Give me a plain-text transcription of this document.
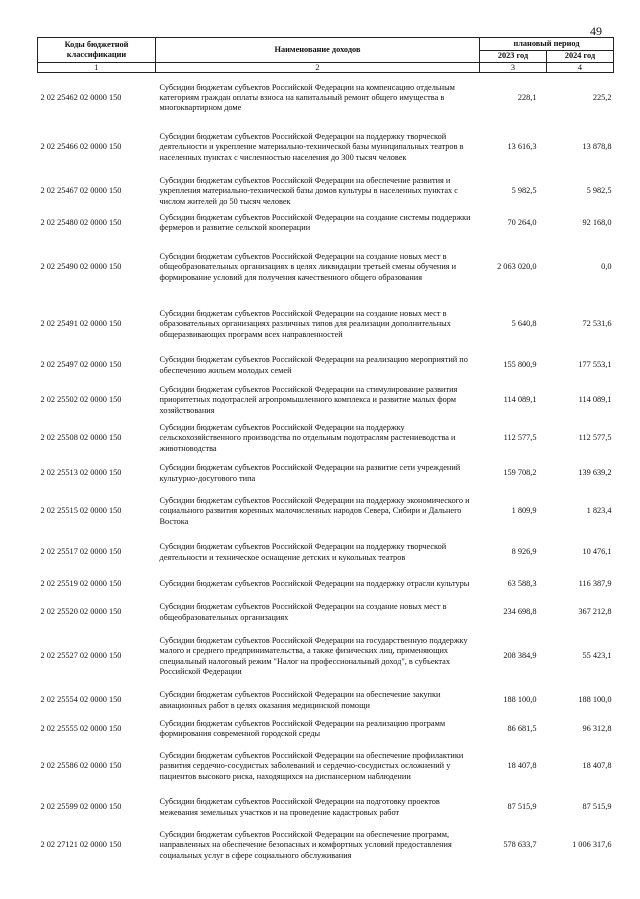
49
Коды бюджетной классификации	Наименование доходов	плановый период	
		2023 год	2024 год
1	2	3	4
2 02 25462 02 0000 150	Субсидии бюджетам субъектов Российской Федерации на компенсацию отдельным категориям граждан оплаты взноса на капитальный ремонт общего имущества в многоквартирном доме	228,1	225,2
2 02 25466 02 0000 150	Субсидии бюджетам субъектов Российской Федерации на поддержку творческой деятельности и укрепление материально-технической базы муниципальных театров в населенных пунктах с численностью населения до 300 тысяч человек	13 616,3	13 878,8
2 02 25467 02 0000 150	Субсидии бюджетам субъектов Российской Федерации на обеспечение развития и укрепления материально-технической базы домов культуры в населенных пунктах с числом жителей до 50 тысяч человек	5 982,5	5 982,5
2 02 25480 02 0000 150	Субсидии бюджетам субъектов Российской Федерации на создание системы поддержки фермеров и развитие сельской кооперации	70 264,0	92 168,0
2 02 25490 02 0000 150	Субсидии бюджетам субъектов Российской Федерации на создание новых мест в общеобразовательных организациях в целях ликвидации третьей смены обучения и формирование условий для получения качественного общего образования	2 063 020,0	0,0
2 02 25491 02 0000 150	Субсидии бюджетам субъектов Российской Федерации на создание новых мест в образовательных организациях различных типов для реализации дополнительных общеразвивающих программ всех направленностей	5 640,8	72 531,6
2 02 25497 02 0000 150	Субсидии бюджетам субъектов Российской Федерации на реализацию мероприятий по обеспечению жильем молодых семей	155 800,9	177 553,1
2 02 25502 02 0000 150	Субсидии бюджетам субъектов Российской Федерации на стимулирование развития приоритетных подотраслей агропромышленного комплекса и развитие малых форм хозяйствования	114 089,1	114 089,1
2 02 25508 02 0000 150	Субсидии бюджетам субъектов Российской Федерации на поддержку сельскохозяйственного производства по отдельным подотраслям растениеводства и животноводства	112 577,5	112 577,5
2 02 25513 02 0000 150	Субсидии бюджетам субъектов Российской Федерации на развитие сети учреждений культурно-досугового типа	159 708,2	139 639,2
2 02 25515 02 0000 150	Субсидии бюджетам субъектов Российской Федерации на поддержку экономического и социального развития коренных малочисленных народов Севера, Сибири и Дальнего Востока	1 809,9	1 823,4
2 02 25517 02 0000 150	Субсидии бюджетам субъектов Российской Федерации на поддержку творческой деятельности и техническое оснащение детских и кукольных театров	8 926,9	10 476,1
2 02 25519 02 0000 150	Субсидии бюджетам субъектов Российской Федерации на поддержку отрасли культуры	63 588,3	116 387,9
2 02 25520 02 0000 150	Субсидии бюджетам субъектов Российской Федерации на создание новых мест в общеобразовательных организациях	234 698,8	367 212,8
2 02 25527 02 0000 150	Субсидии бюджетам субъектов Российской Федерации на государственную поддержку малого и среднего предпринимательства, а также физических лиц, применяющих специальный налоговый режим "Налог на профессиональный доход", в субъектах Российской Федерации	208 384,9	55 423,1
2 02 25554 02 0000 150	Субсидии бюджетам субъектов Российской Федерации на обеспечение закупки авиационных работ в целях оказания медицинской помощи	188 100,0	188 100,0
2 02 25555 02 0000 150	Субсидии бюджетам субъектов Российской Федерации на реализацию программ формирования современной городской среды	86 681,5	96 312,8
2 02 25586 02 0000 150	Субсидии бюджетам субъектов Российской Федерации на обеспечение профилактики развития сердечно-сосудистых заболеваний и сердечно-сосудистых осложнений у пациентов высокого риска, находящихся на диспансерном наблюдении	18 407,8	18 407,8
2 02 25599 02 0000 150	Субсидии бюджетам субъектов Российской Федерации на подготовку проектов межевания земельных участков и на проведение кадастровых работ	87 515,9	87 515,9
2 02 27121 02 0000 150	Субсидии бюджетам субъектов Российской Федерации на обеспечение программ, направленных на обеспечение безопасных и комфортных условий предоставления социальных услуг в сфере социального обслуживания	578 633,7	1 006 317,6
